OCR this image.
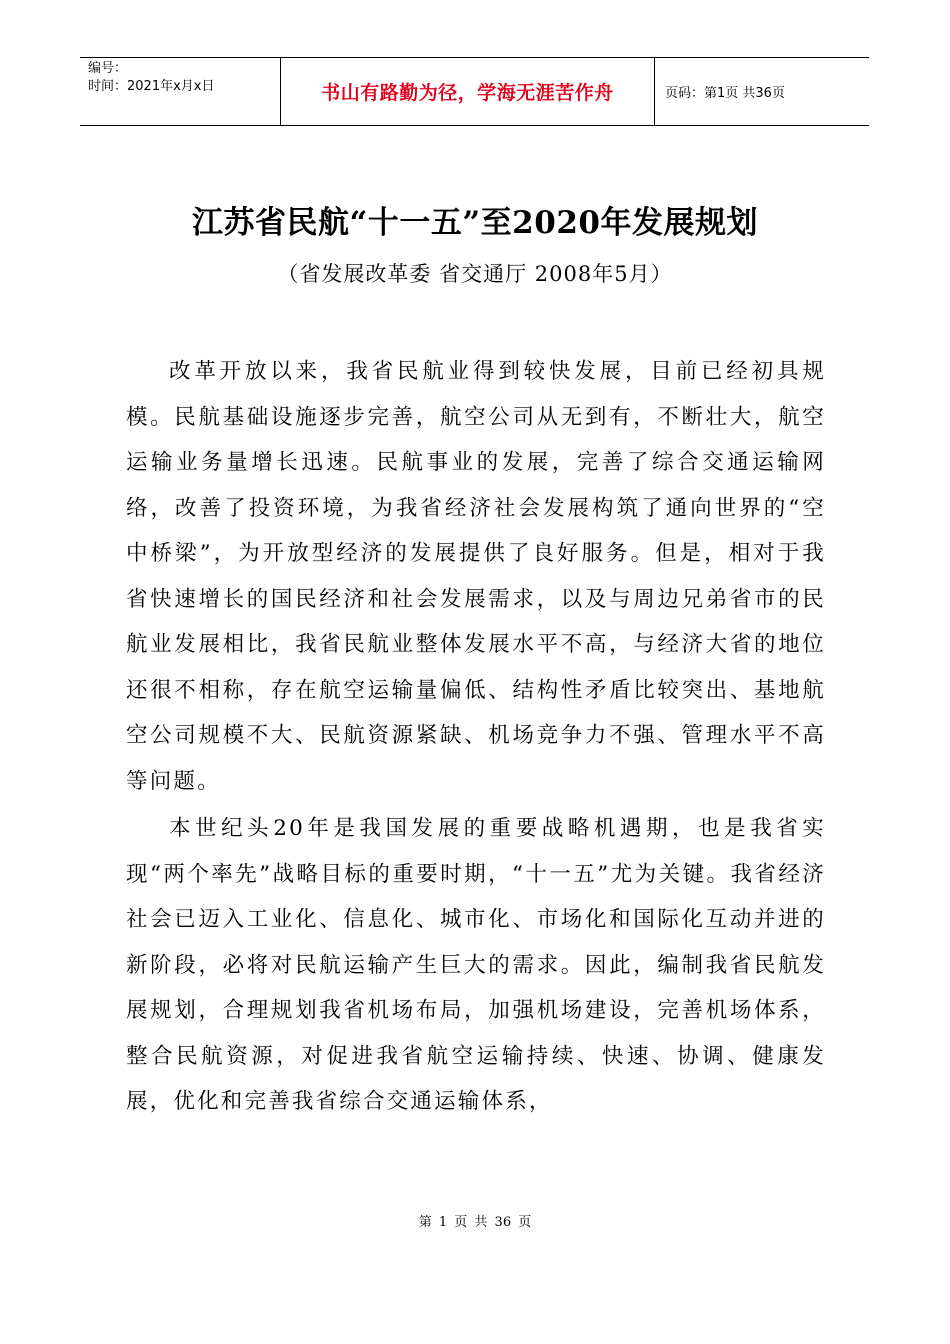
编号：
时间：2021年x月x日	书山有路勤为径，学海无涯苦作舟	页码：第1页 共36页
江苏省民航“十一五”至2020年发展规划
（省发展改革委 省交通厅 2008年5月）

改革开放以来，我省民航业得到较快发展，目前已经初具规模。民航基础设施逐步完善，航空公司从无到有，不断壮大，航空运输业务量增长迅速。民航事业的发展，完善了综合交通运输网络，改善了投资环境，为我省经济社会发展构筑了通向世界的“空中桥梁”，为开放型经济的发展提供了良好服务。但是，相对于我省快速增长的国民经济和社会发展需求，以及与周边兄弟省市的民航业发展相比，我省民航业整体发展水平不高，与经济大省的地位还很不相称，存在航空运输量偏低、结构性矛盾比较突出、基地航空公司规模不大、民航资源紧缺、机场竞争力不强、管理水平不高等问题。

本世纪头20年是我国发展的重要战略机遇期，也是我省实现“两个率先”战略目标的重要时期，“十一五”尤为关键。我省经济社会已迈入工业化、信息化、城市化、市场化和国际化互动并进的新阶段，必将对民航运输产生巨大的需求。因此，编制我省民航发展规划，合理规划我省机场布局，加强机场建设，完善机场体系，整合民航资源，对促进我省航空运输持续、快速、协调、健康发展，优化和完善我省综合交通运输体系，

第 1 页 共 36 页
